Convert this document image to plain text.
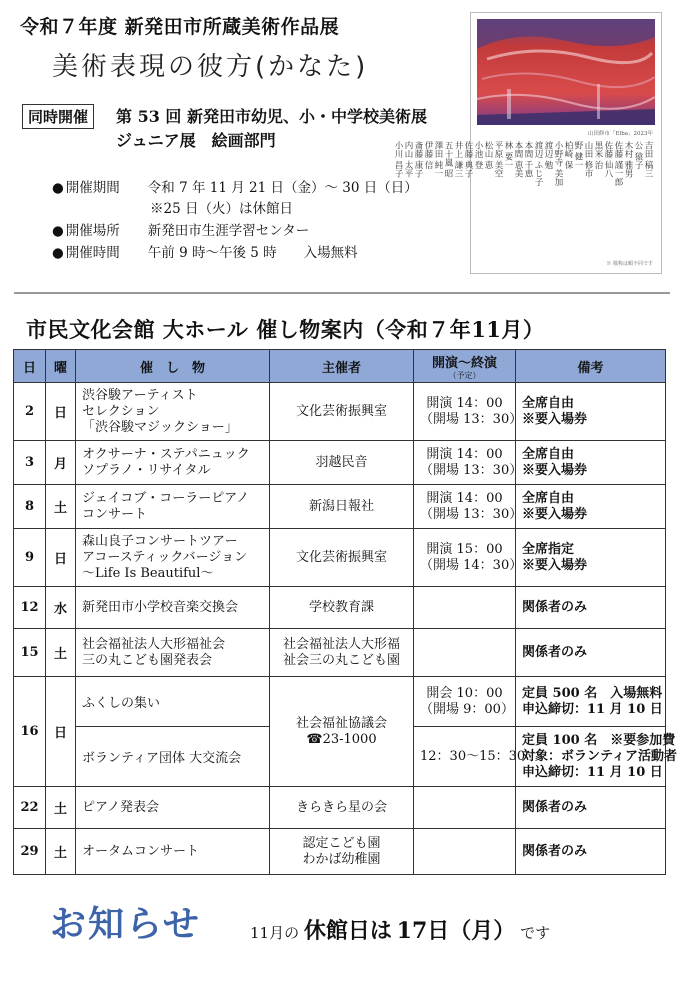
令和７年度 新発田市所蔵美術作品展
美術表現の彼方(かなた)
同時開催	第 53 回 新発田市幼児、小・中学校美術展
ジュニア展　絵画部門
● 開催期間 令和 7 年 11 月 21 日（金）～ 30 日（日）
※25 日（火）は休館日
● 開催場所 新発田市生涯学習センター
● 開催時間 午前 9 時～午後 5 時　　入場無料
山田修市「Elba」2023年
吉田 稿三
公 猿子
木村 雅男
佐藤 謹一郎
佐藤 仙八
黒米 治
山田 修市
野 健一
柏崎 保
小野寺 美加
渡辺 勉
渡辺 ふじ子
本間 千恵
本間 恵美
林 要一
平原 美空
松山 恵
小池 登
佐藤 典子
井上 謙三
五十嵐 昭
澤田 純一
伊藤 信
斎藤 康子
内山 太平
小川 昌子
※ 敬称は順不同です
市民文化会館 大ホール 催し物案内（令和７年11月）
日	曜	催　し　物	主催者	開演～終演
（予定）	備考
2	日	渋谷駿アーティスト
セレクション
「渋谷駿マジックショー」	文化芸術振興室	開演 14：00
（開場 13：30）	全席自由
※要入場券

3	月	オクサーナ・ステパニュック
ソプラノ・リサイタル	羽越民音	開演 14：00
（開場 13：30）	全席自由
※要入場券

8	土	ジェイコブ・コーラーピアノ
コンサート	新潟日報社	開演 14：00
（開場 13：30）	全席自由
※要入場券

9	日	森山良子コンサートツアー
アコースティックバージョン
～Life Is Beautiful～	文化芸術振興室	開演 15：00
（開場 14：30）	全席指定
※要入場券

12	水	新発田市小学校音楽交換会	学校教育課		関係者のみ

15	土	社会福祉法人大形福祉会
三の丸こども園発表会	社会福祉法人大形福
祉会三の丸こども園		関係者のみ

16	日	ふくしの集い	社会福祉協議会
☎23-1000	開会 10：00
（開場 9：00）	定員 500 名　入場無料
申込締切：11 月 10 日

		ボランティア団体 大交流会		12：30～15：30	定員 100 名　※要参加費
対象：ボランティア活動者
申込締切：11 月 10 日

22	土	ピアノ発表会	きらきら星の会		関係者のみ

29	土	オータムコンサート	認定こども園
わかば幼稚園		関係者のみ
お知らせ	11月の 休館日は 17日（月） です
